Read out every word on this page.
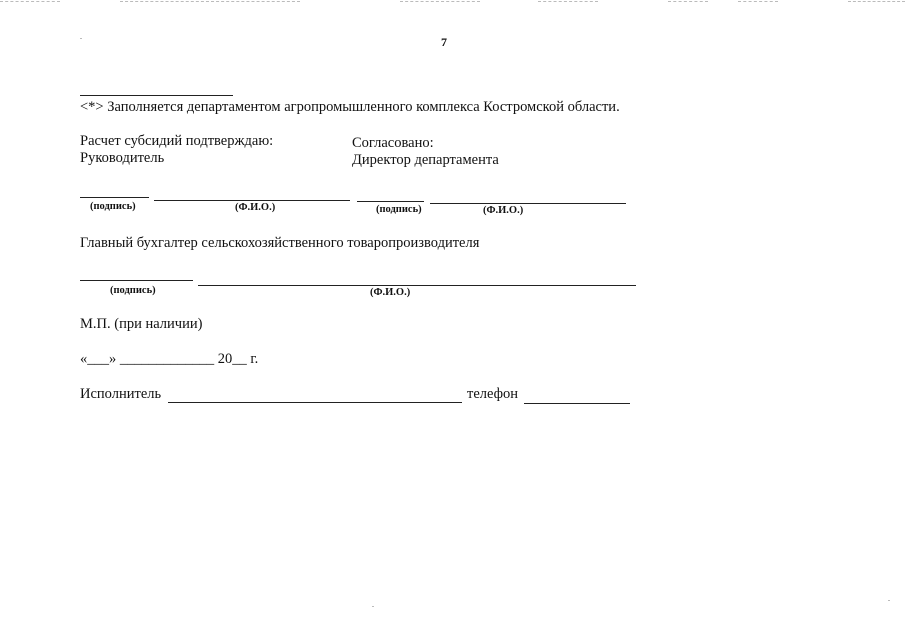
7
<*> Заполняется департаментом агропромышленного комплекса Костромской области.
Расчет субсидий подтверждаю:
Руководитель
Согласовано:
Директор департамента
(подпись)	(Ф.И.О.)	(подпись)	(Ф.И.О.)
Главный бухгалтер сельскохозяйственного товаропроизводителя
(подпись)	(Ф.И.О.)
М.П. (при наличии)
«___» _____________ 20__ г.
Исполнитель	телефон
